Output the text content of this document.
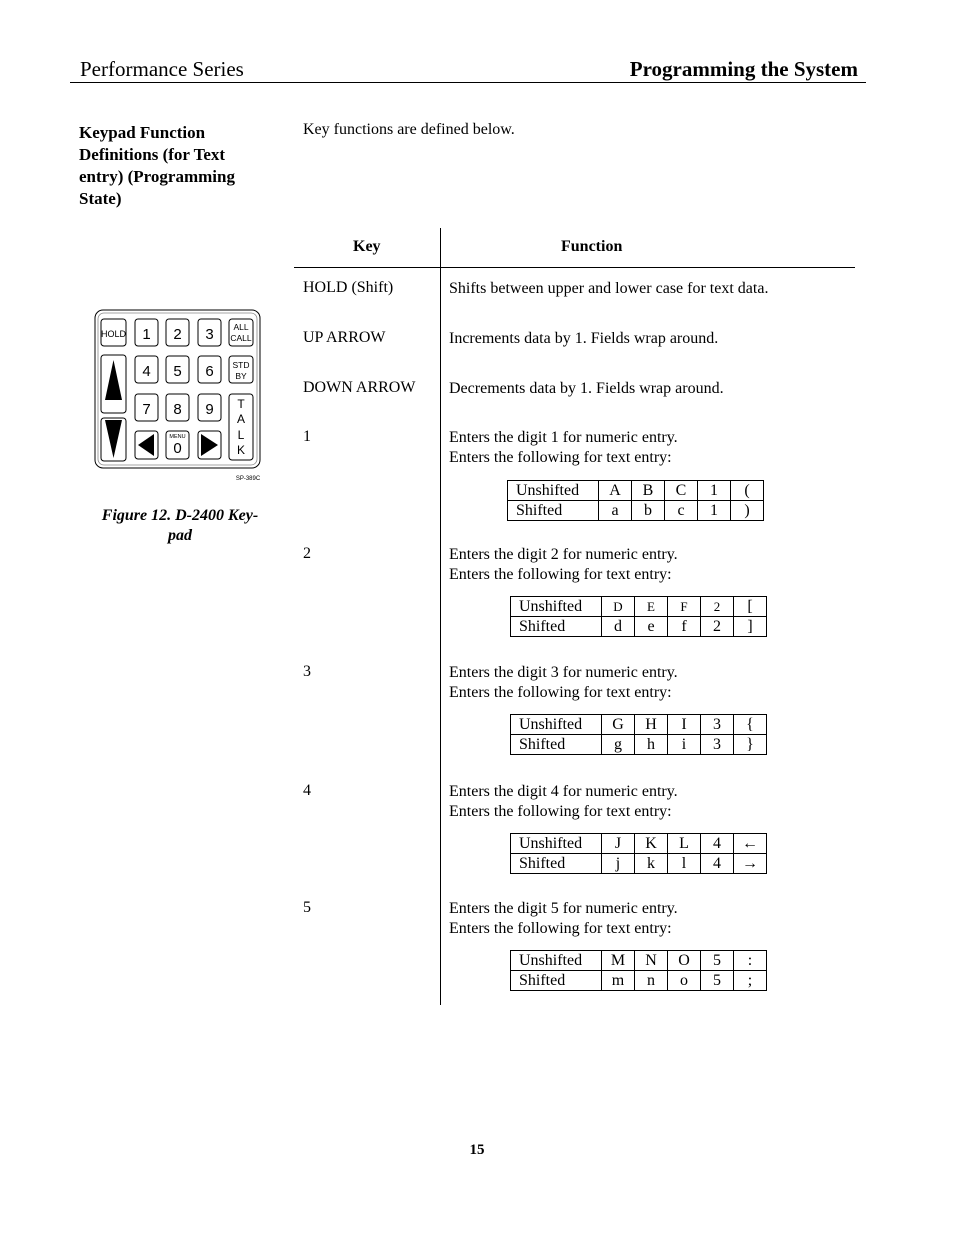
Performance Series	Programming the System
Keypad Function
Definitions (for Text
entry) (Programming
State)
Key functions are defined below.
Key	Function
HOLD (Shift)	Shifts between upper and lower case for text data.
UP ARROW	Increments data by 1. Fields wrap around.
DOWN ARROW Decrements data by 1. Fields wrap around.
1	Enters the digit 1 for numeric entry.
Enters the following for text entry:
Unshifted	A	B	C	1	(
Shifted	a	b	c	1	)
2	Enters the digit 2 for numeric entry.
Enters the following for text entry:
Unshifted	D	E	F	2	[
Shifted	d	e	f	2	]
3	Enters the digit 3 for numeric entry.
Enters the following for text entry:
Unshifted	G	H	I	3	{
Shifted	g	h	i	3	}
4	Enters the digit 4 for numeric entry.
Enters the following for text entry:
Unshifted	J	K	L	4	←
Shifted	j	k	l	4	→
5	Enters the digit 5 for numeric entry.
Enters the following for text entry:
Unshifted	M	N	O	5	:
Shifted	m	n	o	5	;
HOLD 1 2 3 ALL
CALL
4 5 6 STD
BY
7 8 9 T
A
L
K
MENU
0
SP-389C
Figure 12. D-2400 Key-
pad
15
